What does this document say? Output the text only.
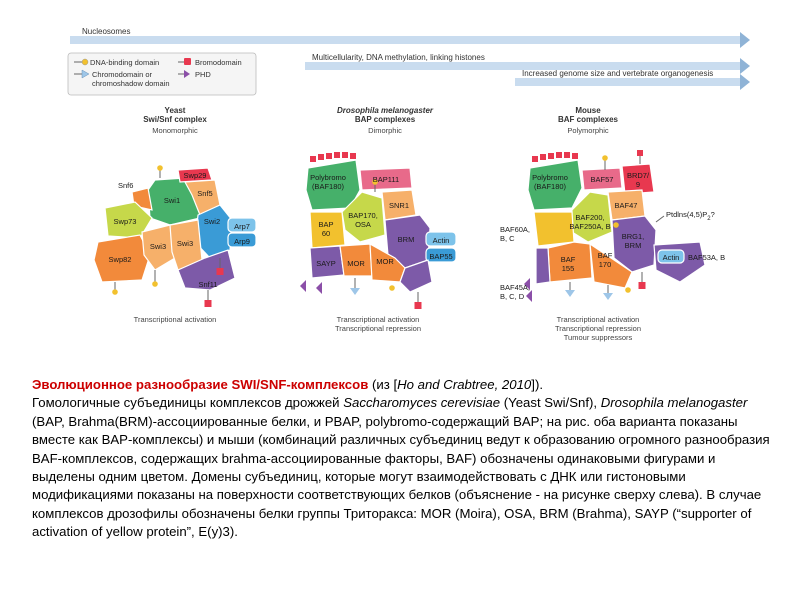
Nucleosomes
Multicellularity, DNA methylation, linking histones
Increased genome size and vertebrate organogenesis
DNA-binding domain
Chromodomain or
chromoshadow domain
Bromodomain
PHD
Yeast
Swi/Snf complex
Monomorphic
Drosophila melanogaster
BAP complexes
Dimorphic
Mouse
BAF complexes
Polymorphic
Snf6
Swp29
Snf5
Swi1
Swp73	Swi2
Arp7
Arp9
Swp82
Swi3 Swi3
Snf11
Transcriptional activation
Polybromo
(BAF180)
BAP111
SNR1
BAP170,
OSA
BAP
60
BRM Actin
BAP55
SAYP MOR MOR
Transcriptional activation
Transcriptional repression
Polybromo
(BAF180)
BAF57 BRD7/
9
BAF47
BAF200,
BAF250A, B
BRG1,
BRM
$Ptdlns(4,5)P_2$?
BAF60A,
B, C
BAF
155
BAF
170
BAF53A, B
BAF45A,
B, C, D
Actin
Transcriptional activation
Transcriptional repression
Tumour suppressors
Эволюционное разнообразие SWI/SNF-комплексов (из [Ho and Crabtree, 2010]).
Гомологичные субъединицы комплексов дрожжей Saccharomyces cerevisiae (Yeast Swi/Snf), Drosophila melanogaster (BAP, Brahma(BRM)-ассоциированные белки, и PBAP, polybromo-содержащий BAP; на рис. оба варианта показаны вместе как BAP-комплексы) и мыши (комбинаций различных субъединиц ведут к образованию огромного разнообразия BAF-комплексов, содержащих brahma-ассоциированные факторы, BAF) обозначены одинаковыми фигурами и выделены одним цветом. Домены субъединиц, которые могут взаимодействовать с ДНК или гистоновыми модификациями показаны на поверхности соответствующих белков (объяснение - на рисунке сверху слева). В случае комплексов дрозофилы обозначены белки группы Триторакса: MOR (Moira), OSA, BRM (Brahma), SAYP (“supporter of activation of yellow protein”, E(y)3).
